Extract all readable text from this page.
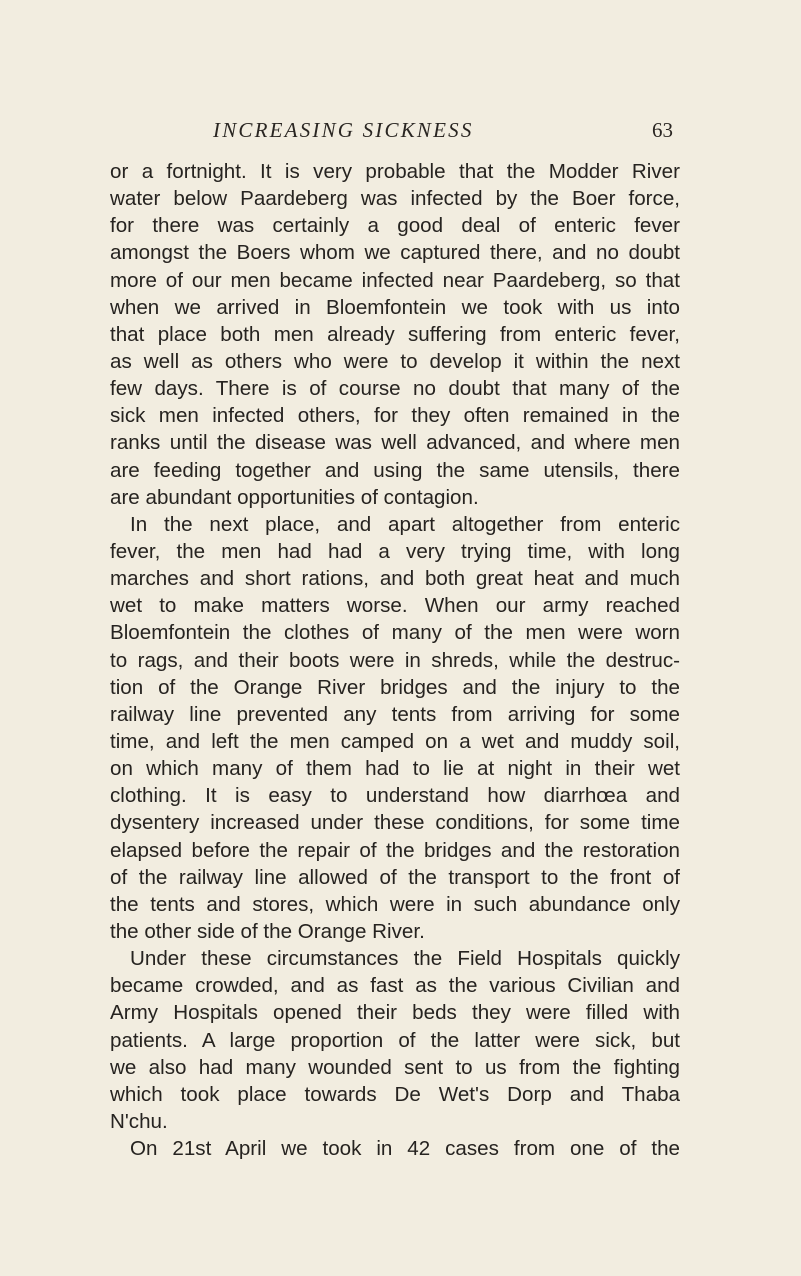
INCREASING SICKNESS	63
or a fortnight. It is very probable that the Modder River
water below Paardeberg was infected by the Boer force,
for there was certainly a good deal of enteric fever
amongst the Boers whom we captured there, and no doubt
more of our men became infected near Paardeberg, so that
when we arrived in Bloemfontein we took with us into
that place both men already suffering from enteric fever,
as well as others who were to develop it within the next
few days. There is of course no doubt that many of the
sick men infected others, for they often remained in the
ranks until the disease was well advanced, and where men
are feeding together and using the same utensils, there
are abundant opportunities of contagion.
In the next place, and apart altogether from enteric
fever, the men had had a very trying time, with long
marches and short rations, and both great heat and much
wet to make matters worse. When our army reached
Bloemfontein the clothes of many of the men were worn
to rags, and their boots were in shreds, while the destruc-
tion of the Orange River bridges and the injury to the
railway line prevented any tents from arriving for some
time, and left the men camped on a wet and muddy soil,
on which many of them had to lie at night in their wet
clothing. It is easy to understand how diarrhœa and
dysentery increased under these conditions, for some time
elapsed before the repair of the bridges and the restoration
of the railway line allowed of the transport to the front of
the tents and stores, which were in such abundance only
the other side of the Orange River.
Under these circumstances the Field Hospitals quickly
became crowded, and as fast as the various Civilian and
Army Hospitals opened their beds they were filled with
patients. A large proportion of the latter were sick, but
we also had many wounded sent to us from the fighting
which took place towards De Wet's Dorp and Thaba
N'chu.
On 21st April we took in 42 cases from one of the
